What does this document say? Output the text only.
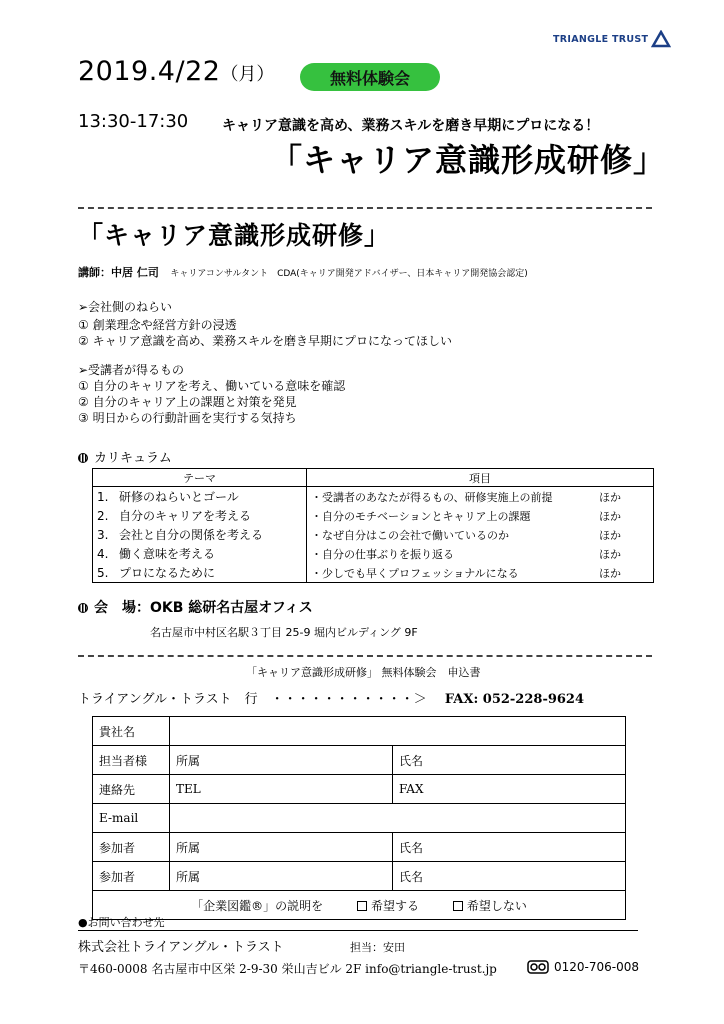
TRIANGLE TRUST
2019.4/22（月）	無料体験会
13:30-17:30 キャリア意識を高め、業務スキルを磨き早期にプロになる！
「キャリア意識形成研修」
「キャリア意識形成研修」
講師：中居 仁司 キャリアコンサルタント　CDA(キャリア開発アドバイザー、日本キャリア開発協会認定)
➢会社側のねらい
① 創業理念や経営方針の浸透
② キャリア意識を高め、業務スキルを磨き早期にプロになってほしい
➢受講者が得るもの
① 自分のキャリアを考え、働いている意味を確認
② 自分のキャリア上の課題と対策を発見
③ 明日からの行動計画を実行する気持ち
カリキュラム
テーマ	項目
1. 研修のねらいとゴール	・受講者のあなたが得るもの、研修実施上の前提 ほか

2. 自分のキャリアを考える	・自分のモチベーションとキャリア上の課題 ほか

3. 会社と自分の関係を考える	・なぜ自分はこの会社で働いているのか ほか

4. 働く意味を考える	・自分の仕事ぶりを振り返る ほか

5. プロになるために	・少しでも早くプロフェッショナルになる ほか
会　場：OKB 総研名古屋オフィス
名古屋市中村区名駅３丁目 25-9 堀内ビルディング 9F
「キャリア意識形成研修」 無料体験会　申込書
トライアングル・トラスト　行　・・・・・・・・・・・＞ FAX: 052-228-9624
貴社名		
担当者様	所属	氏名
連絡先	TEL	FAX
E-mail		
参加者	所属	氏名
参加者	所属	氏名
「企業図鑑®」の説明を 希望する 希望しない		
●お問い合わせ先
株式会社トライアングル・トラスト	担当：安田
〒460-0008 名古屋市中区栄 2-9-30 栄山吉ビル 2F info@triangle-trust.jp	0120-706-008
